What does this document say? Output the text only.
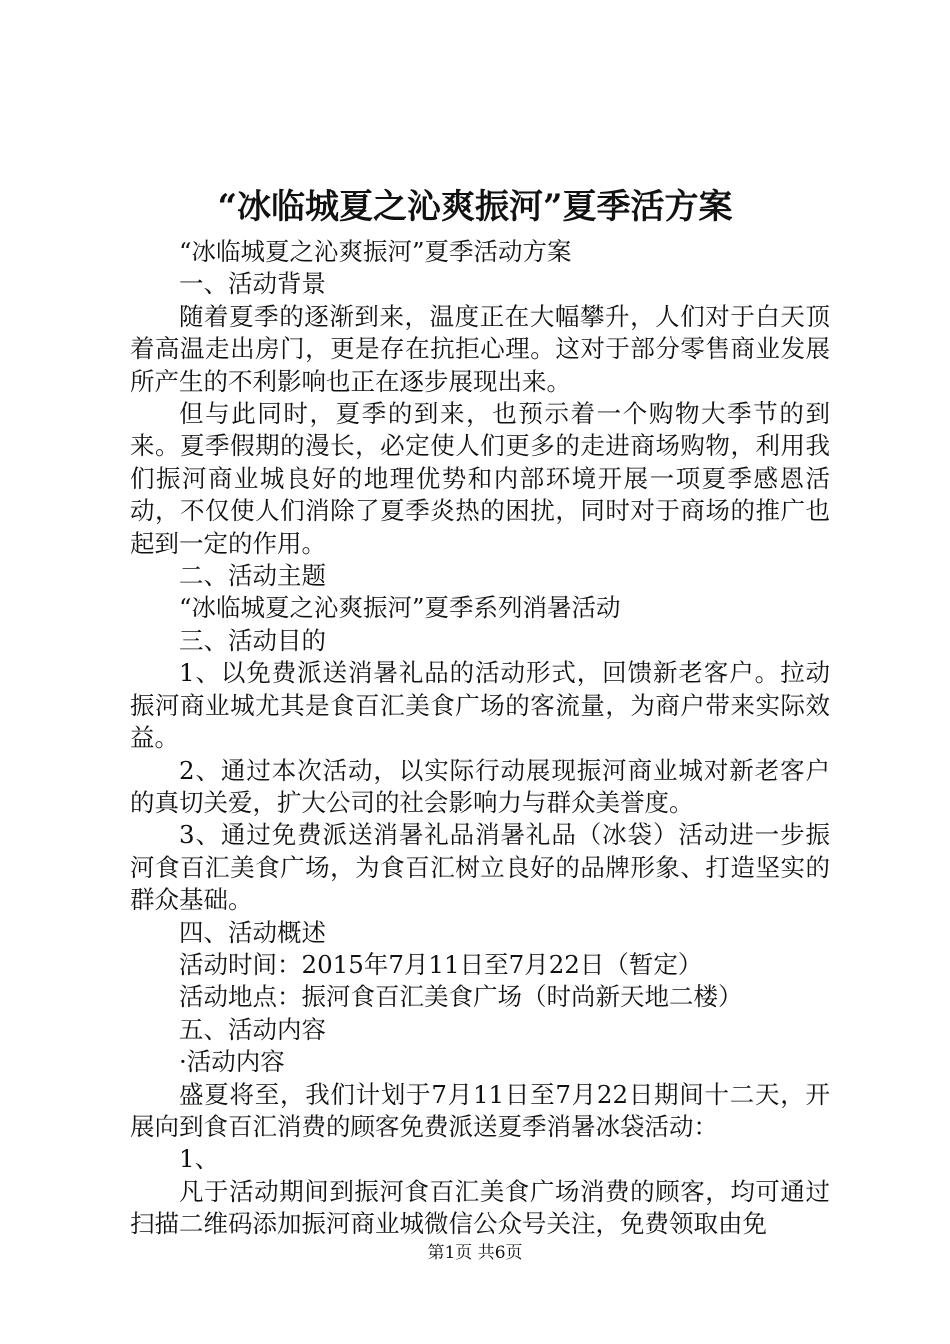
“冰临城夏之沁爽振河”夏季活方案

“冰临城夏之沁爽振河”夏季活动方案

一、活动背景

随着夏季的逐渐到来，温度正在大幅攀升，人们对于白天顶着高温走出房门，更是存在抗拒心理。这对于部分零售商业发展所产生的不利影响也正在逐步展现出来。

但与此同时，夏季的到来，也预示着一个购物大季节的到来。夏季假期的漫长，必定使人们更多的走进商场购物，利用我们振河商业城良好的地理优势和内部环境开展一项夏季感恩活动，不仅使人们消除了夏季炎热的困扰，同时对于商场的推广也起到一定的作用。

二、活动主题

“冰临城夏之沁爽振河”夏季系列消暑活动

三、活动目的

1、以免费派送消暑礼品的活动形式，回馈新老客户。拉动振河商业城尤其是食百汇美食广场的客流量，为商户带来实际效益。

2、通过本次活动，以实际行动展现振河商业城对新老客户的真切关爱，扩大公司的社会影响力与群众美誉度。

3、通过免费派送消暑礼品消暑礼品（冰袋）活动进一步振河食百汇美食广场，为食百汇树立良好的品牌形象、打造坚实的群众基础。

四、活动概述

活动时间：2015年7月11日至7月22日（暂定）

活动地点：振河食百汇美食广场（时尚新天地二楼）

五、活动内容

·活动内容

盛夏将至，我们计划于7月11日至7月22日期间十二天，开展向到食百汇消费的顾客免费派送夏季消暑冰袋活动：

1、

凡于活动期间到振河食百汇美食广场消费的顾客，均可通过扫描二维码添加振河商业城微信公众号关注，免费领取由免

第1页 共6页
